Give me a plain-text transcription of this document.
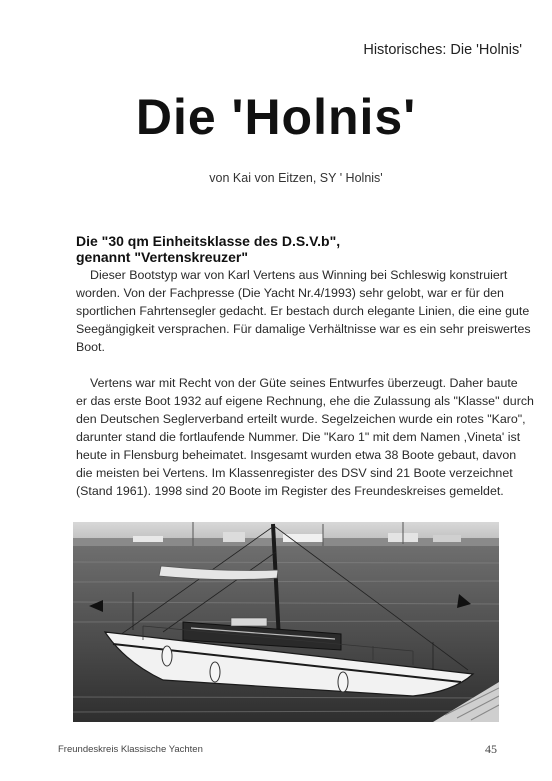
Historisches: Die 'Holnis'
Die 'Holnis'
von Kai von Eitzen, SY ' Holnis'
Die "30 qm Einheitsklasse des D.S.V.b",
genannt "Vertenskreuzer"
Dieser Bootstyp war von Karl Vertens aus Winning bei Schleswig konstruiert
worden. Von der Fachpresse (Die Yacht Nr.4/1993) sehr gelobt, war er für den
sportlichen Fahrtensegler gedacht. Er bestach durch elegante Linien, die eine gute
Seegängigkeit versprachen. Für damalige Verhältnisse war es ein sehr preiswertes
Boot.
Vertens war mit Recht von der Güte seines Entwurfes überzeugt. Daher baute
er das erste Boot 1932 auf eigene Rechnung, ehe die Zulassung als "Klasse" durch
den Deutschen Seglerverband erteilt wurde. Segelzeichen wurde ein rotes "Karo",
darunter stand die fortlaufende Nummer. Die "Karo 1" mit dem Namen ,Vineta' ist
heute in Flensburg beheimatet. Insgesamt wurden etwa 38 Boote gebaut, davon
die meisten bei Vertens. Im Klassenregister des DSV sind 21 Boote verzeichnet
(Stand 1961). 1998 sind 20 Boote im Register des Freundeskreises gemeldet.
Freundeskreis Klassische Yachten	45
